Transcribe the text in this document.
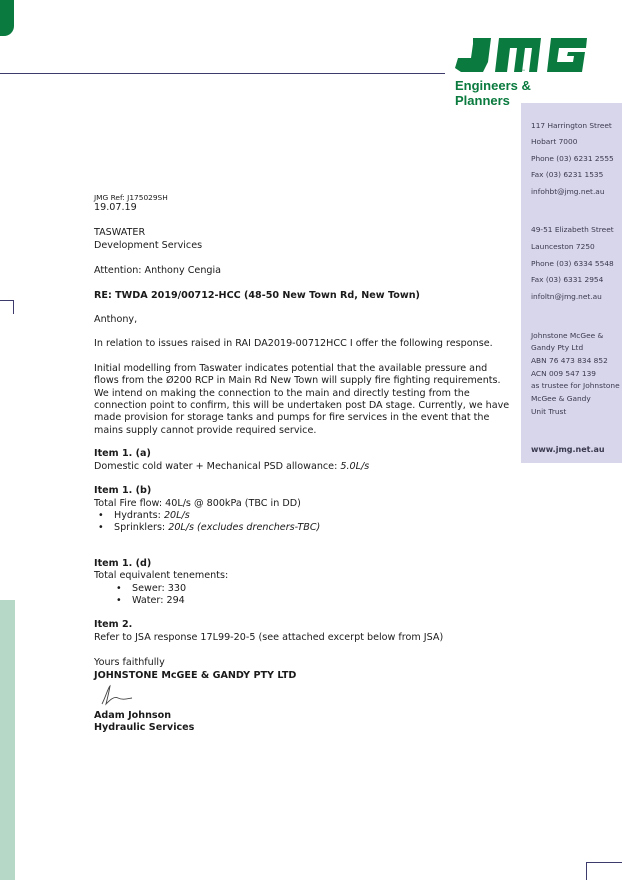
JMG
Engineers & Planners
117 Harrington Street
Hobart 7000
Phone (03) 6231 2555
Fax (03) 6231 1535
infohbt@jmg.net.au
49-51 Elizabeth Street
Launceston 7250
Phone (03) 6334 5548
Fax (03) 6331 2954
infoltn@jmg.net.au
Johnstone McGee &
Gandy Pty Ltd
ABN 76 473 834 852
ACN 009 547 139
as trustee for Johnstone
McGee & Gandy
Unit Trust
www.jmg.net.au

JMG Ref: J175029SH

19.07.19

TASWATER

Development Services

Attention: Anthony Cengia

RE: TWDA 2019/00712-HCC (48-50 New Town Rd, New Town)

Anthony,

In relation to issues raised in RAI DA2019-00712HCC I offer the following response.

Initial modelling from Taswater indicates potential that the available pressure and

flows from the Ø200 RCP in Main Rd New Town will supply fire fighting requirements.

We intend on making the connection to the main and directly testing from the

connection point to confirm, this will be undertaken post DA stage. Currently, we have

made provision for storage tanks and pumps for fire services in the event that the

mains supply cannot provide required service.

Item 1. (a)

Domestic cold water + Mechanical PSD allowance: 5.0L/s

Item 1. (b)

Total Fire flow: 40L/s @ 800kPa (TBC in DD)

• Hydrants: 20L/s
• Sprinklers: 20L/s (excludes drenchers-TBC)

Item 1. (d)

Total equivalent tenements:

• Sewer: 330
• Water: 294

Item 2.

Refer to JSA response 17L99-20-5 (see attached excerpt below from JSA)

Yours faithfully

JOHNSTONE McGEE & GANDY PTY LTD

Adam Johnson

Hydraulic Services
